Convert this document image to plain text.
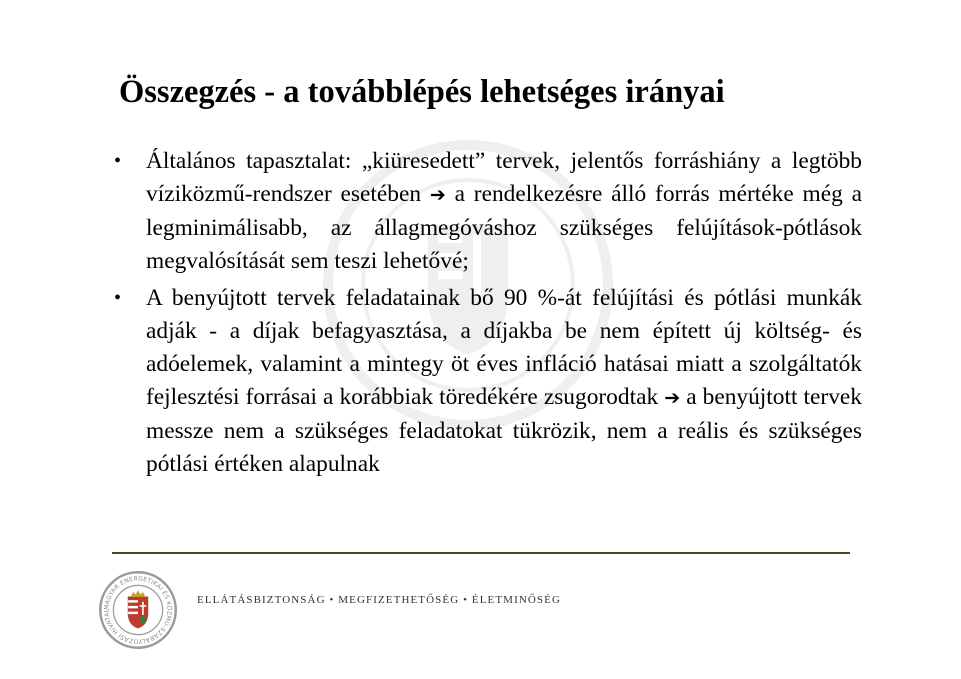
Összegzés - a továbblépés lehetséges irányai
• Általános tapasztalat: „kiüresedett” tervek, jelentős forráshiány a legtöbb víziközmű-rendszer esetében ➔ a rendelkezésre álló forrás mértéke még a legminimálisabb, az állagmegóváshoz szükséges felújítások-pótlások megvalósítását sem teszi lehetővé;
• A benyújtott tervek feladatainak bő 90 %-át felújítási és pótlási munkák adják - a díjak befagyasztása, a díjakba be nem épített új költség- és adóelemek, valamint a mintegy öt éves infláció hatásai miatt a szolgáltatók fejlesztési forrásai a korábbiak töredékére zsugorodtak ➔ a benyújtott tervek messze nem a szükséges feladatokat tükrözik, nem a reális és szükséges pótlási értéken alapulnak
MAGYAR ENERGETIKAI ÉS KÖZMŰ-SZABÁLYOZÁSI HIVATAL
ELLÁTÁSBIZTONSÁG • MEGFIZETHETŐSÉG • ÉLETMINŐSÉG
